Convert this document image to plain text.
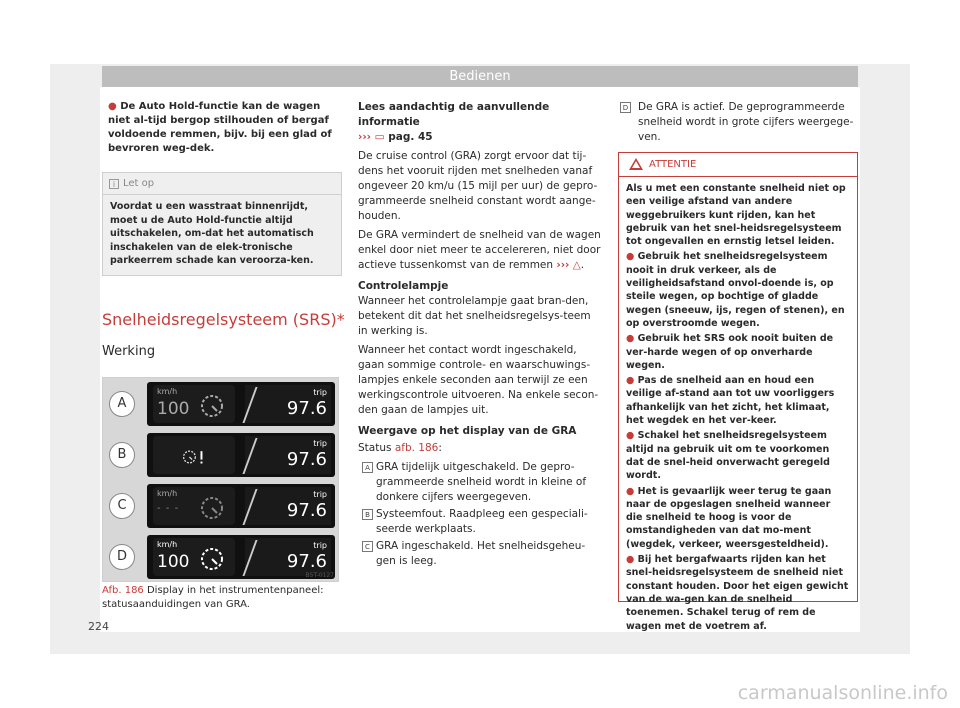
Bedienen
● De Auto Hold-functie kan de wagen niet al-tijd bergop stilhouden of bergaf voldoende remmen, bijv. bij een glad of bevroren weg-dek.
i Let op
Voordat u een wasstraat binnenrijdt, moet u de Auto Hold-functie altijd uitschakelen, om-dat het automatisch inschakelen van de elek-tronische parkeerrem schade kan veroorza-ken.
Snelheidsregelsysteem (SRS)*
Werking
A
km/h
100
trip
97.6
B
trip
97.6
C
km/h
- - -
trip
97.6
D
km/h
100
trip
97.6
B5T-0127
Afb. 186 Display in het instrumentenpaneel: statusaanduidingen van GRA.
Lees aandachtig de aanvullende informatie
››› ▭ pag. 45
De cruise control (GRA) zorgt ervoor dat tij-dens het vooruit rijden met snelheden vanaf ongeveer 20 km/u (15 mijl per uur) de gepro-grammeerde snelheid constant wordt aange-houden.
De GRA vermindert de snelheid van de wagen enkel door niet meer te accelereren, niet door actieve tussenkomst van de remmen ››› △.
Controlelampje
Wanneer het controlelampje gaat bran-den, betekent dit dat het snelheidsregelsys-teem in werking is.
Wanneer het contact wordt ingeschakeld, gaan sommige controle- en waarschuwings-lampjes enkele seconden aan terwijl ze een werkingscontrole uitvoeren. Na enkele secon-den gaan de lampjes uit.
Weergave op het display van de GRA
Status afb. 186:
A GRA tijdelijk uitgeschakeld. De gepro-grammeerde snelheid wordt in kleine of donkere cijfers weergegeven.
B Systeemfout. Raadpleeg een gespeciali-seerde werkplaats.
C GRA ingeschakeld. Het snelheidsgeheu-gen is leeg.
D De GRA is actief. De geprogrammeerde snelheid wordt in grote cijfers weergege-ven.
ATTENTIE
Als u met een constante snelheid niet op een veilige afstand van andere weggebruikers kunt rijden, kan het gebruik van het snel-heidsregelsysteem tot ongevallen en ernstig letsel leiden.
● Gebruik het snelheidsregelsysteem nooit in druk verkeer, als de veiligheidsafstand onvol-doende is, op steile wegen, op bochtige of gladde wegen (sneeuw, ijs, regen of stenen), en op overstroomde wegen.
● Gebruik het SRS ook nooit buiten de ver-harde wegen of op onverharde wegen.
● Pas de snelheid aan en houd een veilige af-stand aan tot uw voorliggers afhankelijk van het zicht, het klimaat, het wegdek en het ver-keer.
● Schakel het snelheidsregelsysteem altijd na gebruik uit om te voorkomen dat de snel-heid onverwacht geregeld wordt.
● Het is gevaarlijk weer terug te gaan naar de opgeslagen snelheid wanneer die snelheid te hoog is voor de omstandigheden van dat mo-ment (wegdek, verkeer, weersgesteldheid).
● Bij het bergafwaarts rijden kan het snel-heidsregelsysteem de snelheid niet constant houden. Door het eigen gewicht van de wa-gen kan de snelheid toenemen. Schakel terug of rem de wagen met de voetrem af.
224
carmanualsonline.info
